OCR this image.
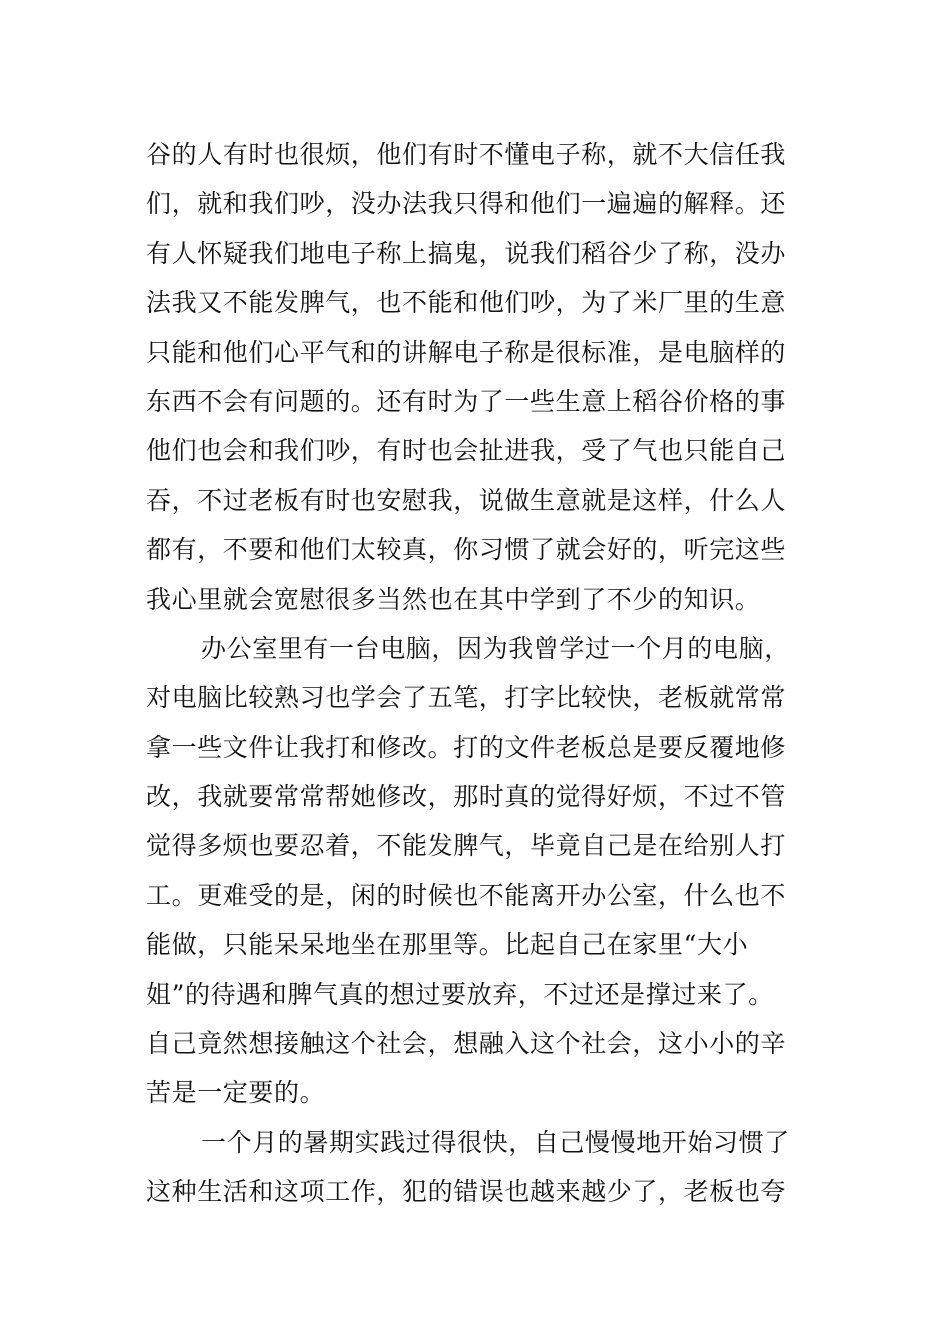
谷的人有时也很烦，他们有时不懂电子称，就不大信任我
们，就和我们吵，没办法我只得和他们一遍遍的解释。还
有人怀疑我们地电子称上搞鬼，说我们稻谷少了称，没办
法我又不能发脾气，也不能和他们吵，为了米厂里的生意
只能和他们心平气和的讲解电子称是很标准，是电脑样的
东西不会有问题的。还有时为了一些生意上稻谷价格的事
他们也会和我们吵，有时也会扯进我，受了气也只能自己
吞，不过老板有时也安慰我，说做生意就是这样，什么人
都有，不要和他们太较真，你习惯了就会好的，听完这些
我心里就会宽慰很多当然也在其中学到了不少的知识。
办公室里有一台电脑，因为我曾学过一个月的电脑，
对电脑比较熟习也学会了五笔，打字比较快，老板就常常
拿一些文件让我打和修改。打的文件老板总是要反覆地修
改，我就要常常帮她修改，那时真的觉得好烦，不过不管
觉得多烦也要忍着，不能发脾气，毕竟自己是在给别人打
工。更难受的是，闲的时候也不能离开办公室，什么也不
能做，只能呆呆地坐在那里等。比起自己在家里“大小
姐”的待遇和脾气真的想过要放弃，不过还是撑过来了。
自己竟然想接触这个社会，想融入这个社会，这小小的辛
苦是一定要的。
一个月的暑期实践过得很快，自己慢慢地开始习惯了
这种生活和这项工作，犯的错误也越来越少了，老板也夸
